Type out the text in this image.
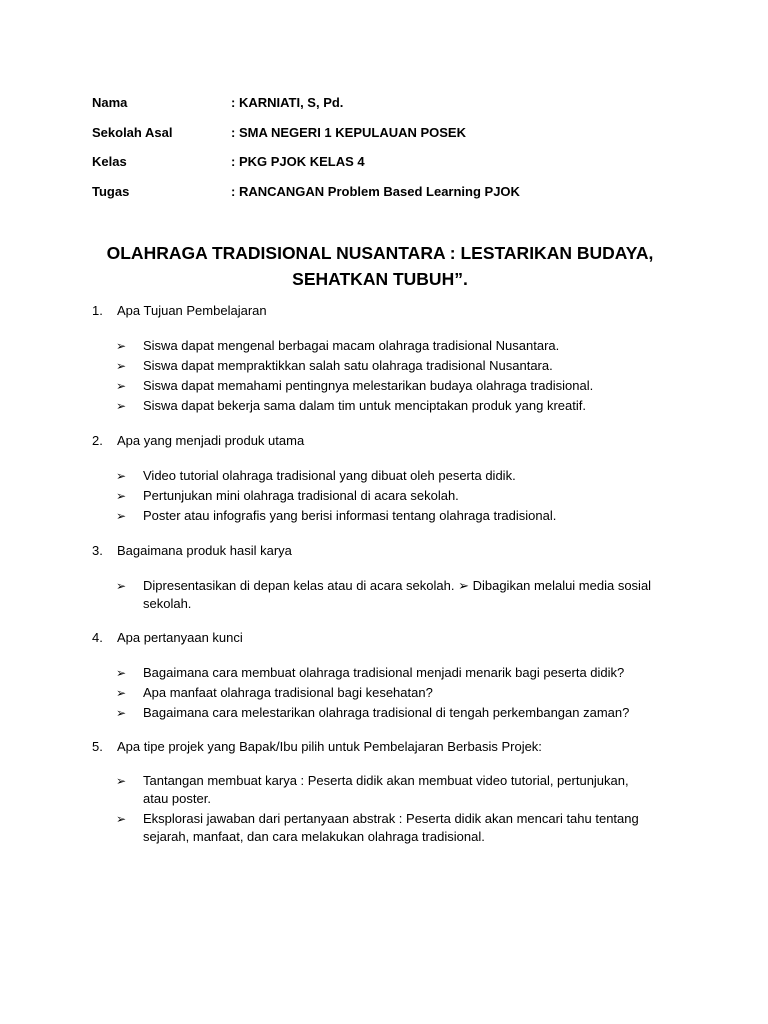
Nama	: KARNIATI, S, Pd.
Sekolah Asal	: SMA NEGERI 1 KEPULAUAN POSEK
Kelas	: PKG PJOK KELAS 4
Tugas	: RANCANGAN Problem Based Learning PJOK
OLAHRAGA TRADISIONAL NUSANTARA : LESTARIKAN BUDAYA,
SEHATKAN TUBUH”.
1.	Apa Tujuan Pembelajaran
➢	Siswa dapat mengenal berbagai macam olahraga tradisional Nusantara.
➢	Siswa dapat mempraktikkan salah satu olahraga tradisional Nusantara.
➢	Siswa dapat memahami pentingnya melestarikan budaya olahraga tradisional.
➢	Siswa dapat bekerja sama dalam tim untuk menciptakan produk yang kreatif.
2.	Apa yang menjadi produk utama
➢	Video tutorial olahraga tradisional yang dibuat oleh peserta didik.
➢	Pertunjukan mini olahraga tradisional di acara sekolah.
➢	Poster atau infografis yang berisi informasi tentang olahraga tradisional.
3.	Bagaimana produk hasil karya
➢	Dipresentasikan di depan kelas atau di acara sekolah. ➢ Dibagikan melalui media sosial sekolah.
4.	Apa pertanyaan kunci
➢	Bagaimana cara membuat olahraga tradisional menjadi menarik bagi peserta didik?
➢	Apa manfaat olahraga tradisional bagi kesehatan?
➢	Bagaimana cara melestarikan olahraga tradisional di tengah perkembangan zaman?
5.	Apa tipe projek yang Bapak/Ibu pilih untuk Pembelajaran Berbasis Projek:
➢	Tantangan membuat karya : Peserta didik akan membuat video tutorial, pertunjukan, atau poster.
➢	Eksplorasi jawaban dari pertanyaan abstrak : Peserta didik akan mencari tahu tentang sejarah, manfaat, dan cara melakukan olahraga tradisional.
